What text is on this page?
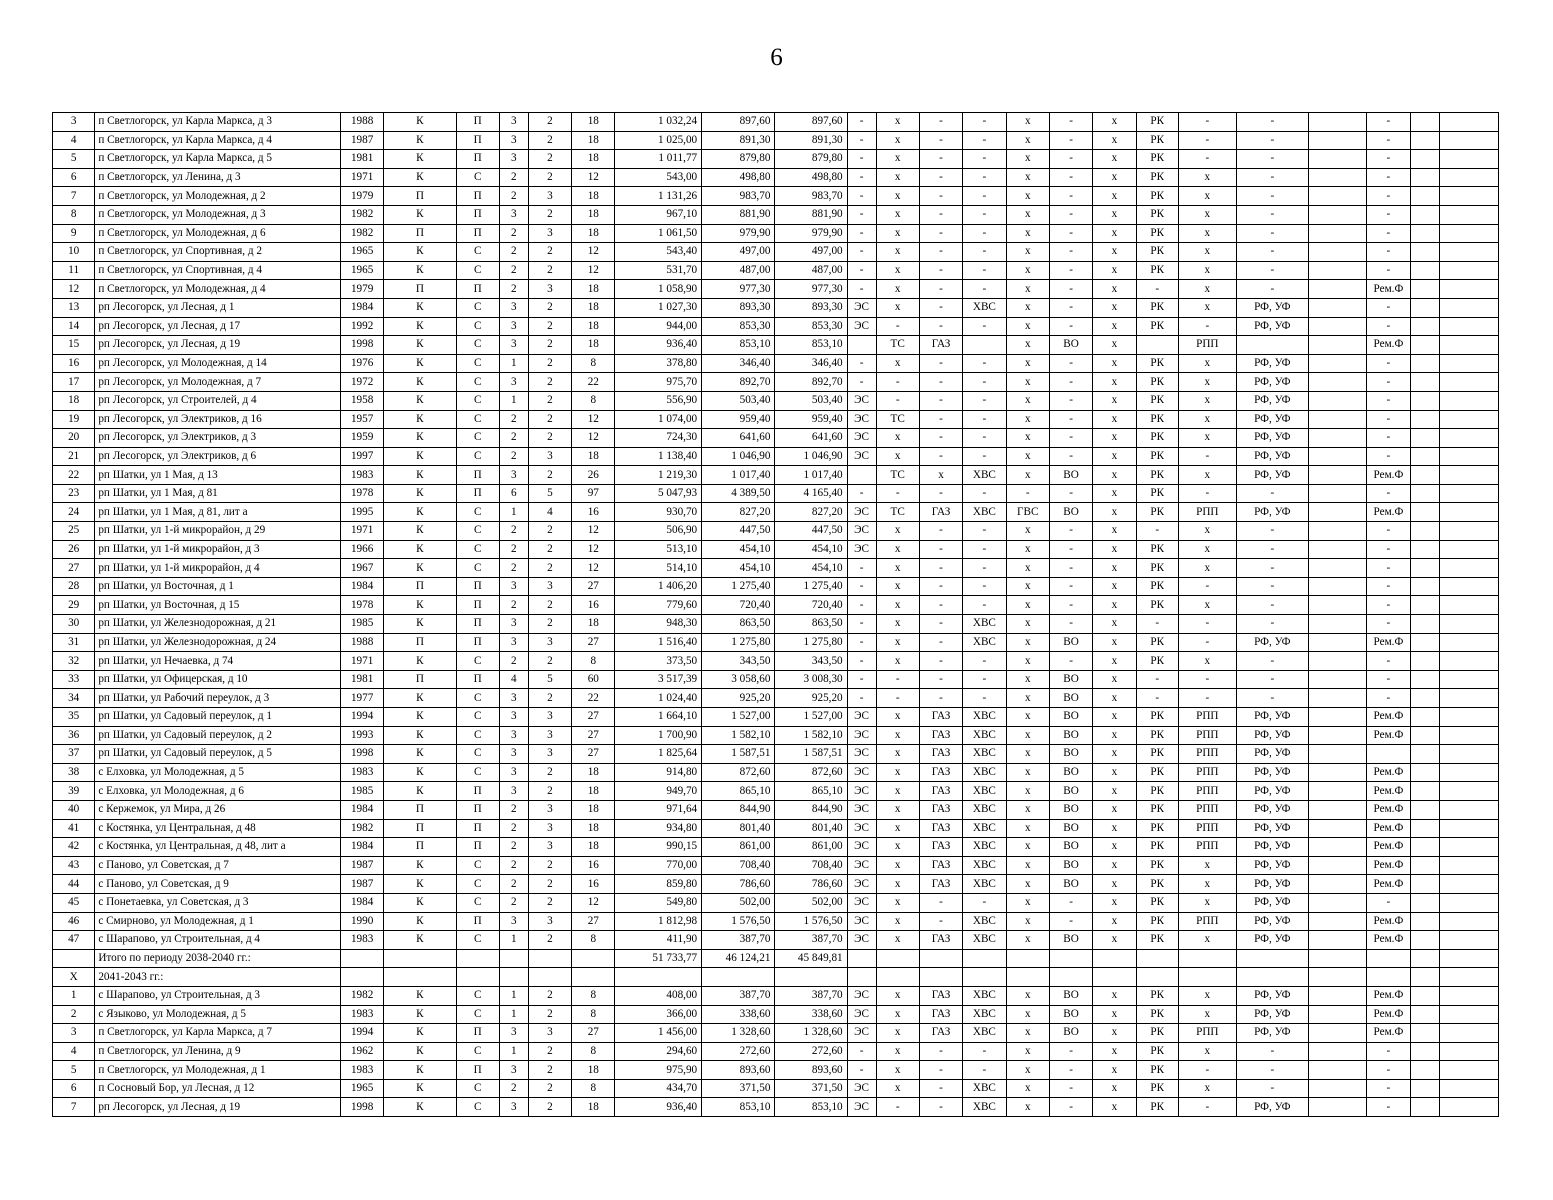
6
3	п Светлогорск, ул Карла Маркса, д 3	1988	К	П	3	2	18	1 032,24	897,60	897,60	-	х	-	-	х	-	х	РК	-	-		-		
4	п Светлогорск, ул Карла Маркса, д 4	1987	К	П	3	2	18	1 025,00	891,30	891,30	-	х	-	-	х	-	х	РК	-	-		-		
5	п Светлогорск, ул Карла Маркса, д 5	1981	К	П	3	2	18	1 011,77	879,80	879,80	-	х	-	-	х	-	х	РК	-	-		-		
6	п Светлогорск, ул Ленина, д 3	1971	К	С	2	2	12	543,00	498,80	498,80	-	х	-	-	х	-	х	РК	х	-		-		
7	п Светлогорск, ул Молодежная, д 2	1979	П	П	2	3	18	1 131,26	983,70	983,70	-	х	-	-	х	-	х	РК	х	-		-		
8	п Светлогорск, ул Молодежная, д 3	1982	К	П	3	2	18	967,10	881,90	881,90	-	х	-	-	х	-	х	РК	х	-		-		
9	п Светлогорск, ул Молодежная, д 6	1982	П	П	2	3	18	1 061,50	979,90	979,90	-	х	-	-	х	-	х	РК	х	-		-		
10	п Светлогорск, ул Спортивная, д 2	1965	К	С	2	2	12	543,40	497,00	497,00	-	х	-	-	х	-	х	РК	х	-		-		
11	п Светлогорск, ул Спортивная, д 4	1965	К	С	2	2	12	531,70	487,00	487,00	-	х	-	-	х	-	х	РК	х	-		-		
12	п Светлогорск, ул Молодежная, д 4	1979	П	П	2	3	18	1 058,90	977,30	977,30	-	х	-	-	х	-	х	-	х	-		Рем.Ф		
13	рп Лесогорск, ул Лесная, д 1	1984	К	С	3	2	18	1 027,30	893,30	893,30	ЭС	х	-	ХВС	х	-	х	РК	х	РФ, УФ		-		
14	рп Лесогорск, ул Лесная, д 17	1992	К	С	3	2	18	944,00	853,30	853,30	ЭС	-	-	-	х	-	х	РК	-	РФ, УФ		-		
15	рп Лесогорск, ул Лесная, д 19	1998	К	С	3	2	18	936,40	853,10	853,10		ТС	ГАЗ		х	ВО	х		РПП			Рем.Ф		
16	рп Лесогорск, ул Молодежная, д 14	1976	К	С	1	2	8	378,80	346,40	346,40	-	х	-	-	х	-	х	РК	х	РФ, УФ		-		
17	рп Лесогорск, ул Молодежная, д 7	1972	К	С	3	2	22	975,70	892,70	892,70	-	-	-	-	х	-	х	РК	х	РФ, УФ		-		
18	рп Лесогорск, ул Строителей, д 4	1958	К	С	1	2	8	556,90	503,40	503,40	ЭС	-	-	-	х	-	х	РК	х	РФ, УФ		-		
19	рп Лесогорск, ул Электриков, д 16	1957	К	С	2	2	12	1 074,00	959,40	959,40	ЭС	ТС	-	-	х	-	х	РК	х	РФ, УФ		-		
20	рп Лесогорск, ул Электриков, д 3	1959	К	С	2	2	12	724,30	641,60	641,60	ЭС	х	-	-	х	-	х	РК	х	РФ, УФ		-		
21	рп Лесогорск, ул Электриков, д 6	1997	К	С	2	3	18	1 138,40	1 046,90	1 046,90	ЭС	х	-	-	х	-	х	РК	-	РФ, УФ		-		
22	рп Шатки, ул 1 Мая, д 13	1983	К	П	3	2	26	1 219,30	1 017,40	1 017,40		ТС	х	ХВС	х	ВО	х	РК	х	РФ, УФ		Рем.Ф		
23	рп Шатки, ул 1 Мая, д 81	1978	К	П	6	5	97	5 047,93	4 389,50	4 165,40	-	-	-	-	-	-	х	РК	-	-		-		
24	рп Шатки, ул 1 Мая, д 81, лит а	1995	К	С	1	4	16	930,70	827,20	827,20	ЭС	ТС	ГАЗ	ХВС	ГВС	ВО	х	РК	РПП	РФ, УФ		Рем.Ф		
25	рп Шатки, ул 1-й микрорайон, д 29	1971	К	С	2	2	12	506,90	447,50	447,50	ЭС	х	-	-	х	-	х	-	х	-		-		
26	рп Шатки, ул 1-й микрорайон, д 3	1966	К	С	2	2	12	513,10	454,10	454,10	ЭС	х	-	-	х	-	х	РК	х	-		-		
27	рп Шатки, ул 1-й микрорайон, д 4	1967	К	С	2	2	12	514,10	454,10	454,10	-	х	-	-	х	-	х	РК	х	-		-		
28	рп Шатки, ул Восточная, д 1	1984	П	П	3	3	27	1 406,20	1 275,40	1 275,40	-	х	-	-	х	-	х	РК	-	-		-		
29	рп Шатки, ул Восточная, д 15	1978	К	П	2	2	16	779,60	720,40	720,40	-	х	-	-	х	-	х	РК	х	-		-		
30	рп Шатки, ул Железнодорожная, д 21	1985	К	П	3	2	18	948,30	863,50	863,50	-	х	-	ХВС	х	-	х	-	-	-		-		
31	рп Шатки, ул Железнодорожная, д 24	1988	П	П	3	3	27	1 516,40	1 275,80	1 275,80	-	х	-	ХВС	х	ВО	х	РК	-	РФ, УФ		Рем.Ф		
32	рп Шатки, ул Нечаевка, д 74	1971	К	С	2	2	8	373,50	343,50	343,50	-	х	-	-	х	-	х	РК	х	-		-		
33	рп Шатки, ул Офицерская, д 10	1981	П	П	4	5	60	3 517,39	3 058,60	3 008,30	-	-	-	-	х	ВО	х	-	-	-		-		
34	рп Шатки, ул Рабочий переулок, д 3	1977	К	С	3	2	22	1 024,40	925,20	925,20	-	-	-	-	х	ВО	х	-	-	-		-		
35	рп Шатки, ул Садовый переулок, д 1	1994	К	С	3	3	27	1 664,10	1 527,00	1 527,00	ЭС	х	ГАЗ	ХВС	х	ВО	х	РК	РПП	РФ, УФ		Рем.Ф		
36	рп Шатки, ул Садовый переулок, д 2	1993	К	С	3	3	27	1 700,90	1 582,10	1 582,10	ЭС	х	ГАЗ	ХВС	х	ВО	х	РК	РПП	РФ, УФ		Рем.Ф		
37	рп Шатки, ул Садовый переулок, д 5	1998	К	С	3	3	27	1 825,64	1 587,51	1 587,51	ЭС	х	ГАЗ	ХВС	х	ВО	х	РК	РПП	РФ, УФ				
38	с Елховка, ул Молодежная, д 5	1983	К	С	3	2	18	914,80	872,60	872,60	ЭС	х	ГАЗ	ХВС	х	ВО	х	РК	РПП	РФ, УФ		Рем.Ф		
39	с Елховка, ул Молодежная, д 6	1985	К	П	3	2	18	949,70	865,10	865,10	ЭС	х	ГАЗ	ХВС	х	ВО	х	РК	РПП	РФ, УФ		Рем.Ф		
40	с Кержемок, ул Мира, д 26	1984	П	П	2	3	18	971,64	844,90	844,90	ЭС	х	ГАЗ	ХВС	х	ВО	х	РК	РПП	РФ, УФ		Рем.Ф		
41	с Костянка, ул Центральная, д 48	1982	П	П	2	3	18	934,80	801,40	801,40	ЭС	х	ГАЗ	ХВС	х	ВО	х	РК	РПП	РФ, УФ		Рем.Ф		
42	с Костянка, ул Центральная, д 48, лит а	1984	П	П	2	3	18	990,15	861,00	861,00	ЭС	х	ГАЗ	ХВС	х	ВО	х	РК	РПП	РФ, УФ		Рем.Ф		
43	с Паново, ул Советская, д 7	1987	К	С	2	2	16	770,00	708,40	708,40	ЭС	х	ГАЗ	ХВС	х	ВО	х	РК	х	РФ, УФ		Рем.Ф		
44	с Паново, ул Советская, д 9	1987	К	С	2	2	16	859,80	786,60	786,60	ЭС	х	ГАЗ	ХВС	х	ВО	х	РК	х	РФ, УФ		Рем.Ф		
45	с Понетаевка, ул Советская, д 3	1984	К	С	2	2	12	549,80	502,00	502,00	ЭС	х	-	-	х	-	х	РК	х	РФ, УФ		-		
46	с Смирново, ул Молодежная, д 1	1990	К	П	3	3	27	1 812,98	1 576,50	1 576,50	ЭС	х	-	ХВС	х	-	х	РК	РПП	РФ, УФ		Рем.Ф		
47	с Шарапово, ул Строительная, д 4	1983	К	С	1	2	8	411,90	387,70	387,70	ЭС	х	ГАЗ	ХВС	х	ВО	х	РК	х	РФ, УФ		Рем.Ф		
	Итого по периоду 2038-2040 гг.:							51 733,77	46 124,21	45 849,81														
X	2041-2043 гг.:																							
1	с Шарапово, ул Строительная, д 3	1982	К	С	1	2	8	408,00	387,70	387,70	ЭС	х	ГАЗ	ХВС	х	ВО	х	РК	х	РФ, УФ		Рем.Ф		
2	с Языково, ул Молодежная, д 5	1983	К	С	1	2	8	366,00	338,60	338,60	ЭС	х	ГАЗ	ХВС	х	ВО	х	РК	х	РФ, УФ		Рем.Ф		
3	п Светлогорск, ул Карла Маркса, д 7	1994	К	П	3	3	27	1 456,00	1 328,60	1 328,60	ЭС	х	ГАЗ	ХВС	х	ВО	х	РК	РПП	РФ, УФ		Рем.Ф		
4	п Светлогорск, ул Ленина, д 9	1962	К	С	1	2	8	294,60	272,60	272,60	-	х	-	-	х	-	х	РК	х	-		-		
5	п Светлогорск, ул Молодежная, д 1	1983	К	П	3	2	18	975,90	893,60	893,60	-	х	-	-	х	-	х	РК	-	-		-		
6	п Сосновый Бор, ул Лесная, д 12	1965	К	С	2	2	8	434,70	371,50	371,50	ЭС	х	-	ХВС	х	-	х	РК	х	-		-		
7	рп Лесогорск, ул Лесная, д 19	1998	К	С	3	2	18	936,40	853,10	853,10	ЭС	-	-	ХВС	х	-	х	РК	-	РФ, УФ		-		
